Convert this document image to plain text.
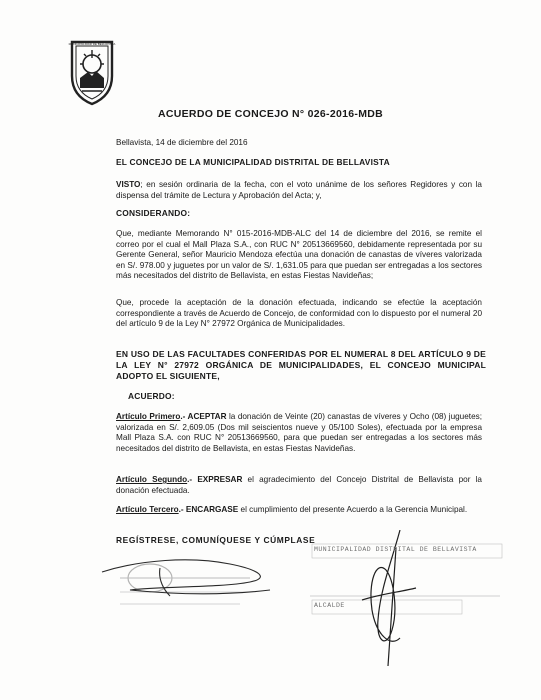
MUNICIPALIDAD DE BELLAVISTA
ACUERDO DE CONCEJO N° 026-2016-MDB
Bellavista, 14 de diciembre del 2016
EL CONCEJO DE LA MUNICIPALIDAD DISTRITAL DE BELLAVISTA
VISTO; en sesión ordinaria de la fecha, con el voto unánime de los señores Regidores y con la dispensa del trámite de Lectura y Aprobación del Acta; y,
CONSIDERANDO:
Que, mediante Memorando N° 015-2016-MDB-ALC del 14 de diciembre del 2016, se remite el correo por el cual el Mall Plaza S.A., con RUC N° 20513669560, debidamente representada por su Gerente General, señor Mauricio Mendoza efectúa una donación de canastas de víveres valorizada en S/. 978.00 y juguetes por un valor de S/. 1,631.05 para que puedan ser entregadas a los sectores más necesitados del distrito de Bellavista, en estas Fiestas Navideñas;
Que, procede la aceptación de la donación efectuada, indicando se efectúe la aceptación correspondiente a través de Acuerdo de Concejo, de conformidad con lo dispuesto por el numeral 20 del artículo 9 de la Ley N° 27972 Orgánica de Municipalidades.
EN USO DE LAS FACULTADES CONFERIDAS POR EL NUMERAL 8 DEL ARTÍCULO 9 DE LA LEY N° 27972 ORGÁNICA DE MUNICIPALIDADES, EL CONCEJO MUNICIPAL ADOPTO EL SIGUIENTE,
ACUERDO:
Artículo Primero.- ACEPTAR la donación de Veinte (20) canastas de víveres y Ocho (08) juguetes; valorizada en S/. 2,609.05 (Dos mil seiscientos nueve y 05/100 Soles), efectuada por la empresa Mall Plaza S.A. con RUC N° 20513669560, para que puedan ser entregadas a los sectores más necesitados del distrito de Bellavista, en estas Fiestas Navideñas.
Artículo Segundo.- EXPRESAR el agradecimiento del Concejo Distrital de Bellavista por la donación efectuada.
Artículo Tercero.- ENCARGASE el cumplimiento del presente Acuerdo a la Gerencia Municipal.
REGÍSTRESE, COMUNÍQUESE Y CÚMPLASE
MUNICIPALIDAD DISTRITAL DE BELLAVISTA
ALCALDE
